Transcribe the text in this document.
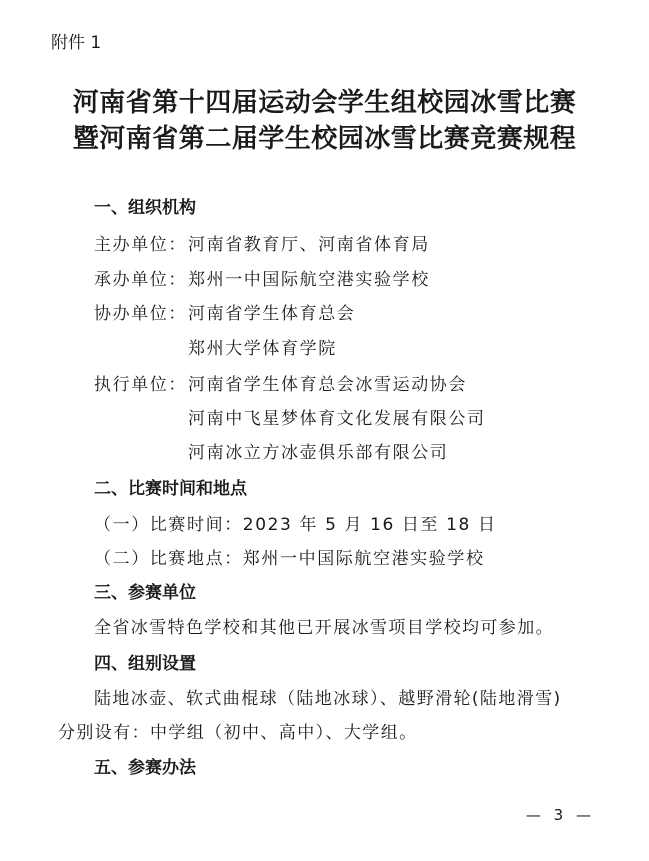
附件 1
河南省第十四届运动会学生组校园冰雪比赛
暨河南省第二届学生校园冰雪比赛竞赛规程
一、组织机构
主办单位： 河南省教育厅、河南省体育局
承办单位： 郑州一中国际航空港实验学校
协办单位： 河南省学生体育总会
郑州大学体育学院
执行单位： 河南省学生体育总会冰雪运动协会
河南中飞星梦体育文化发展有限公司
河南冰立方冰壶俱乐部有限公司
二、比赛时间和地点
（一）比赛时间：2023 年 5 月 16 日至 18 日
（二）比赛地点：郑州一中国际航空港实验学校
三、参赛单位
全省冰雪特色学校和其他已开展冰雪项目学校均可参加。
四、组别设置
陆地冰壶、软式曲棍球（陆地冰球）、越野滑轮(陆地滑雪)
分别设有：中学组（初中、高中）、大学组。
五、参赛办法
— 3 —
